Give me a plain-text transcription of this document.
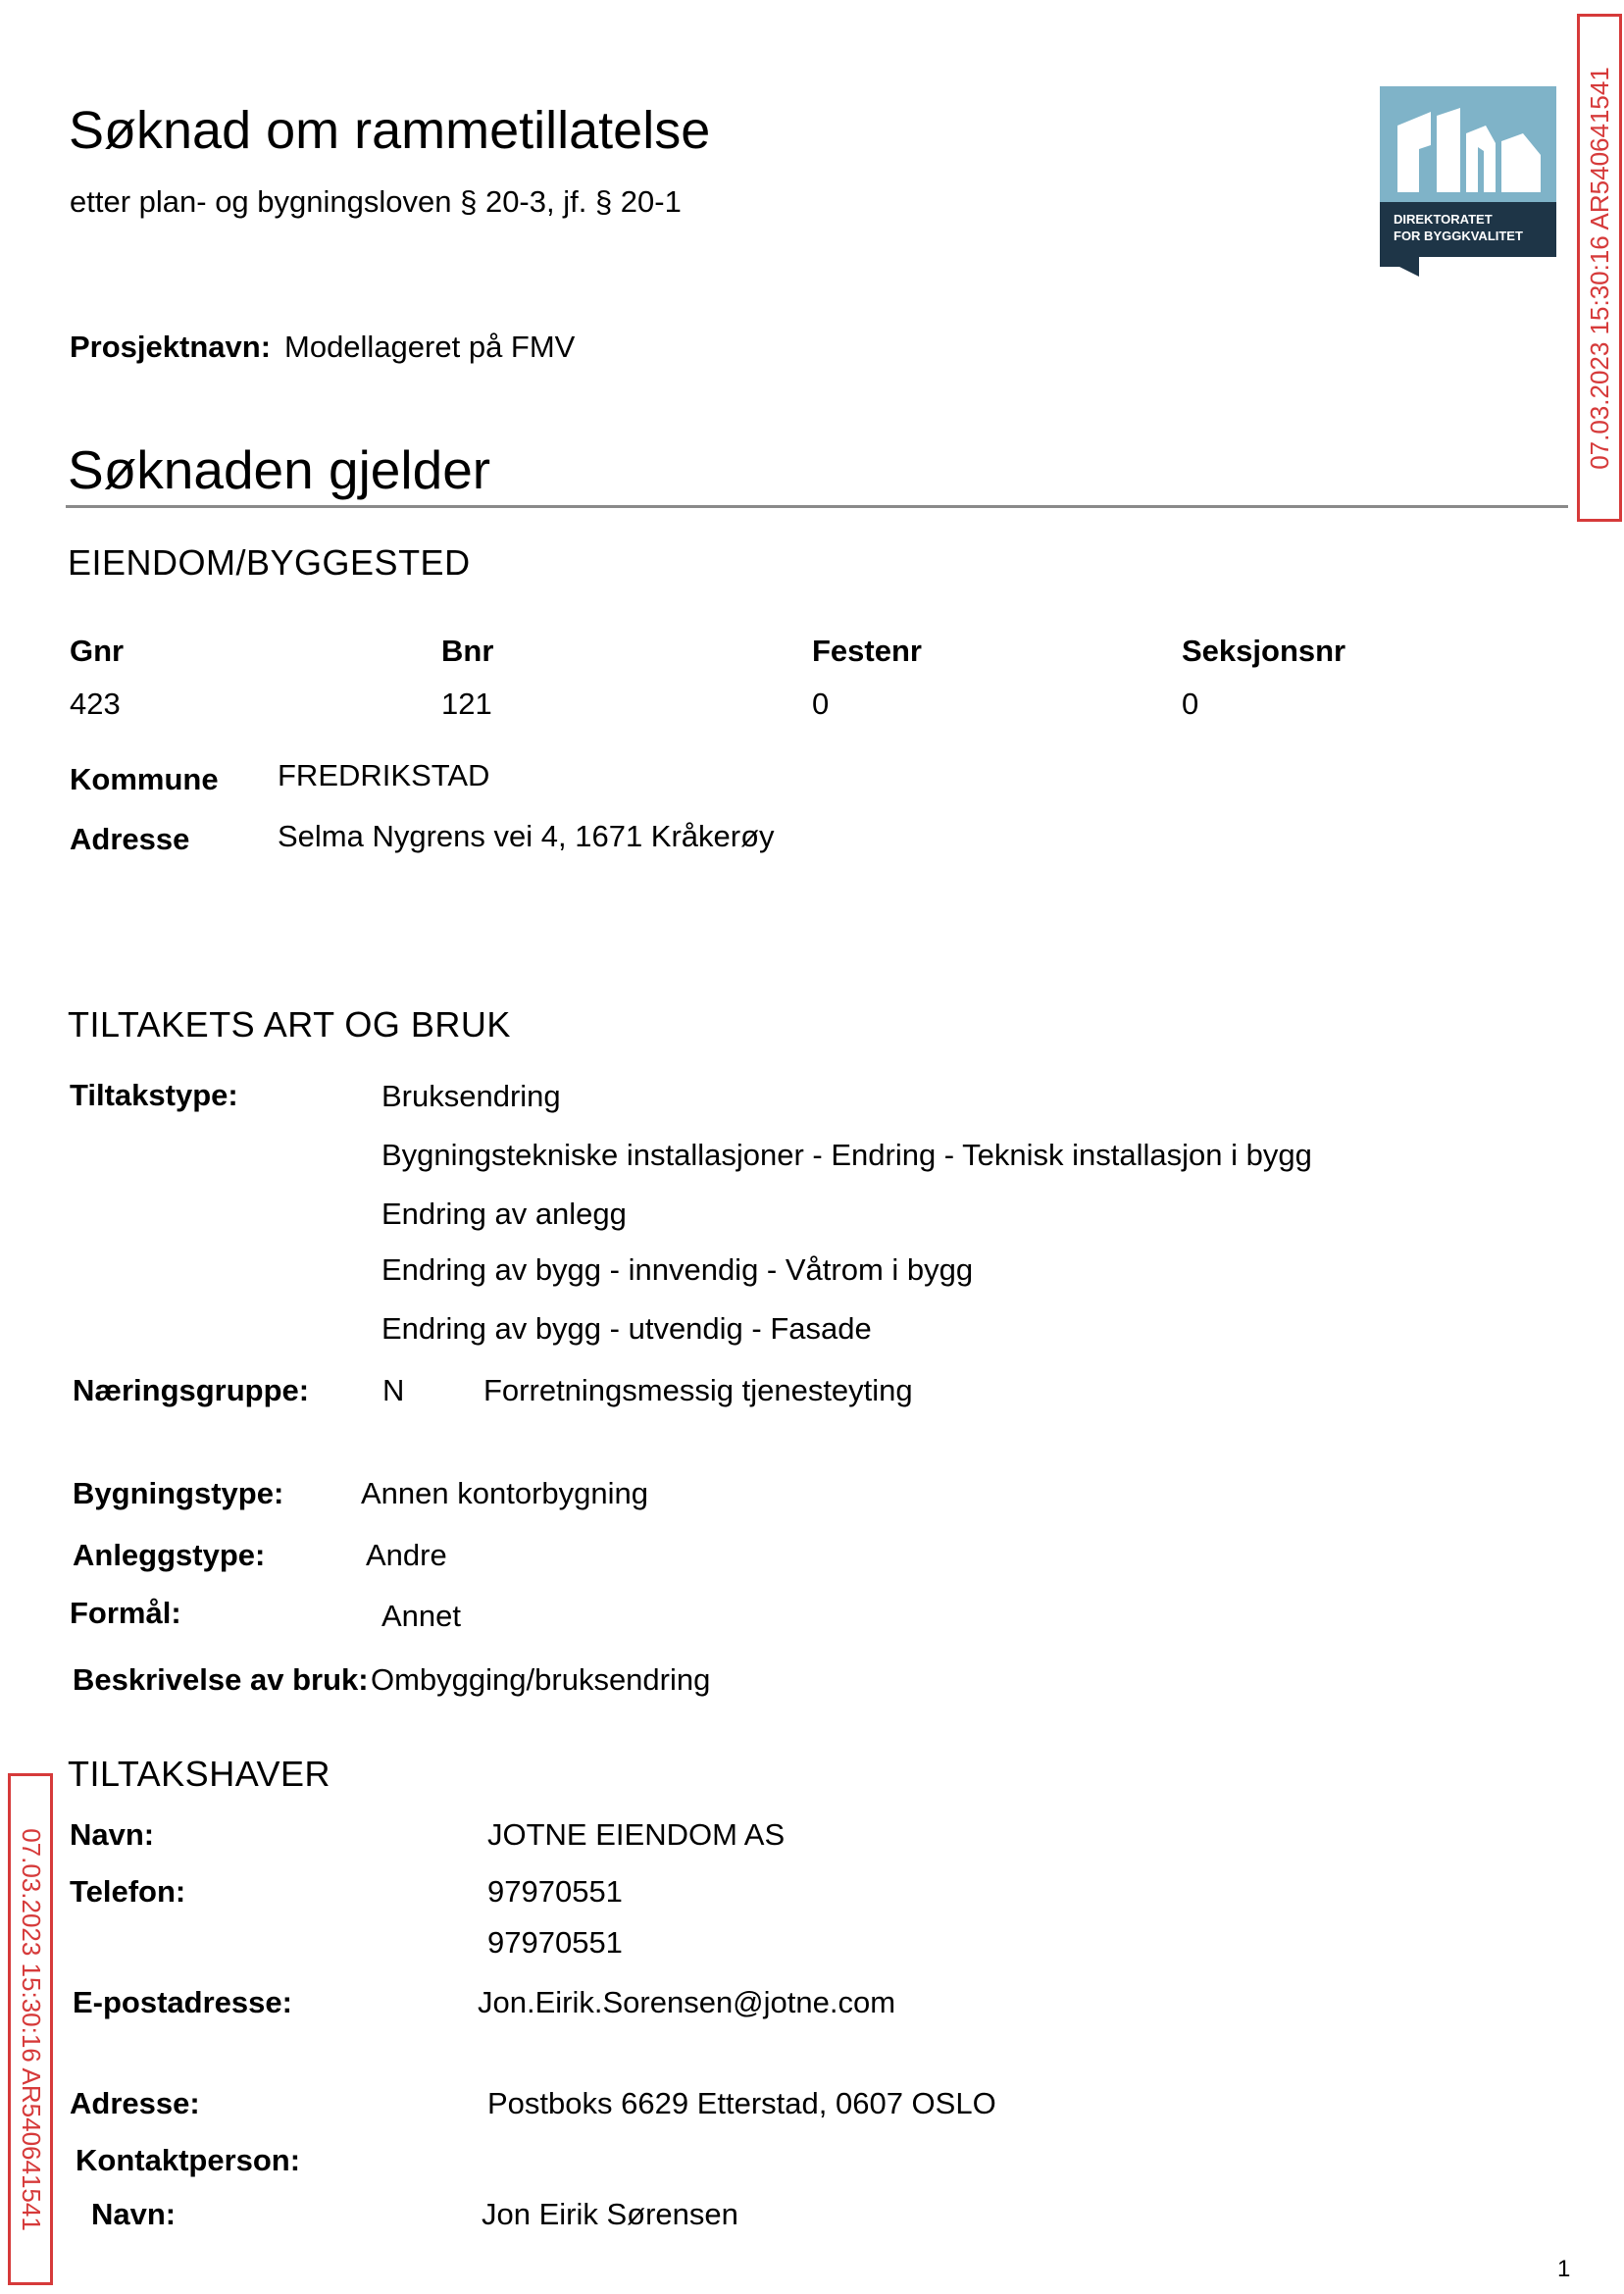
Søknad om rammetillatelse
etter plan- og bygningsloven § 20-3, jf. § 20-1
DIREKTORATET
FOR BYGGKVALITET 07.03.2023 15:30:16 AR540641541
07.03.2023 15:30:16 AR540641541
Prosjektnavn: Modellageret på FMV
Søknaden gjelder
EIENDOM/BYGGESTED
Gnr	Bnr	Festenr	Seksjonsnr
423	121	0	0
Kommune FREDRIKSTAD
Adresse	Selma Nygrens vei 4, 1671 Kråkerøy
TILTAKETS ART OG BRUK
Tiltakstype:	Bruksendring
Bygningstekniske installasjoner - Endring - Teknisk installasjon i bygg
Endring av anlegg
Endring av bygg - innvendig - Våtrom i bygg
Endring av bygg - utvendig - Fasade
Næringsgruppe: N	Forretningsmessig tjenesteyting
Bygningstype:	Annen kontorbygning
Anleggstype:	Andre
Formål:	Annet
Beskrivelse av bruk: Ombygging/bruksendring
TILTAKSHAVER
Navn:	JOTNE EIENDOM AS
Telefon:	97970551
97970551
E-postadresse:	Jon.Eirik.Sorensen@jotne.com
Adresse:	Postboks 6629 Etterstad, 0607 OSLO
Kontaktperson:
Navn:	Jon Eirik Sørensen
1
